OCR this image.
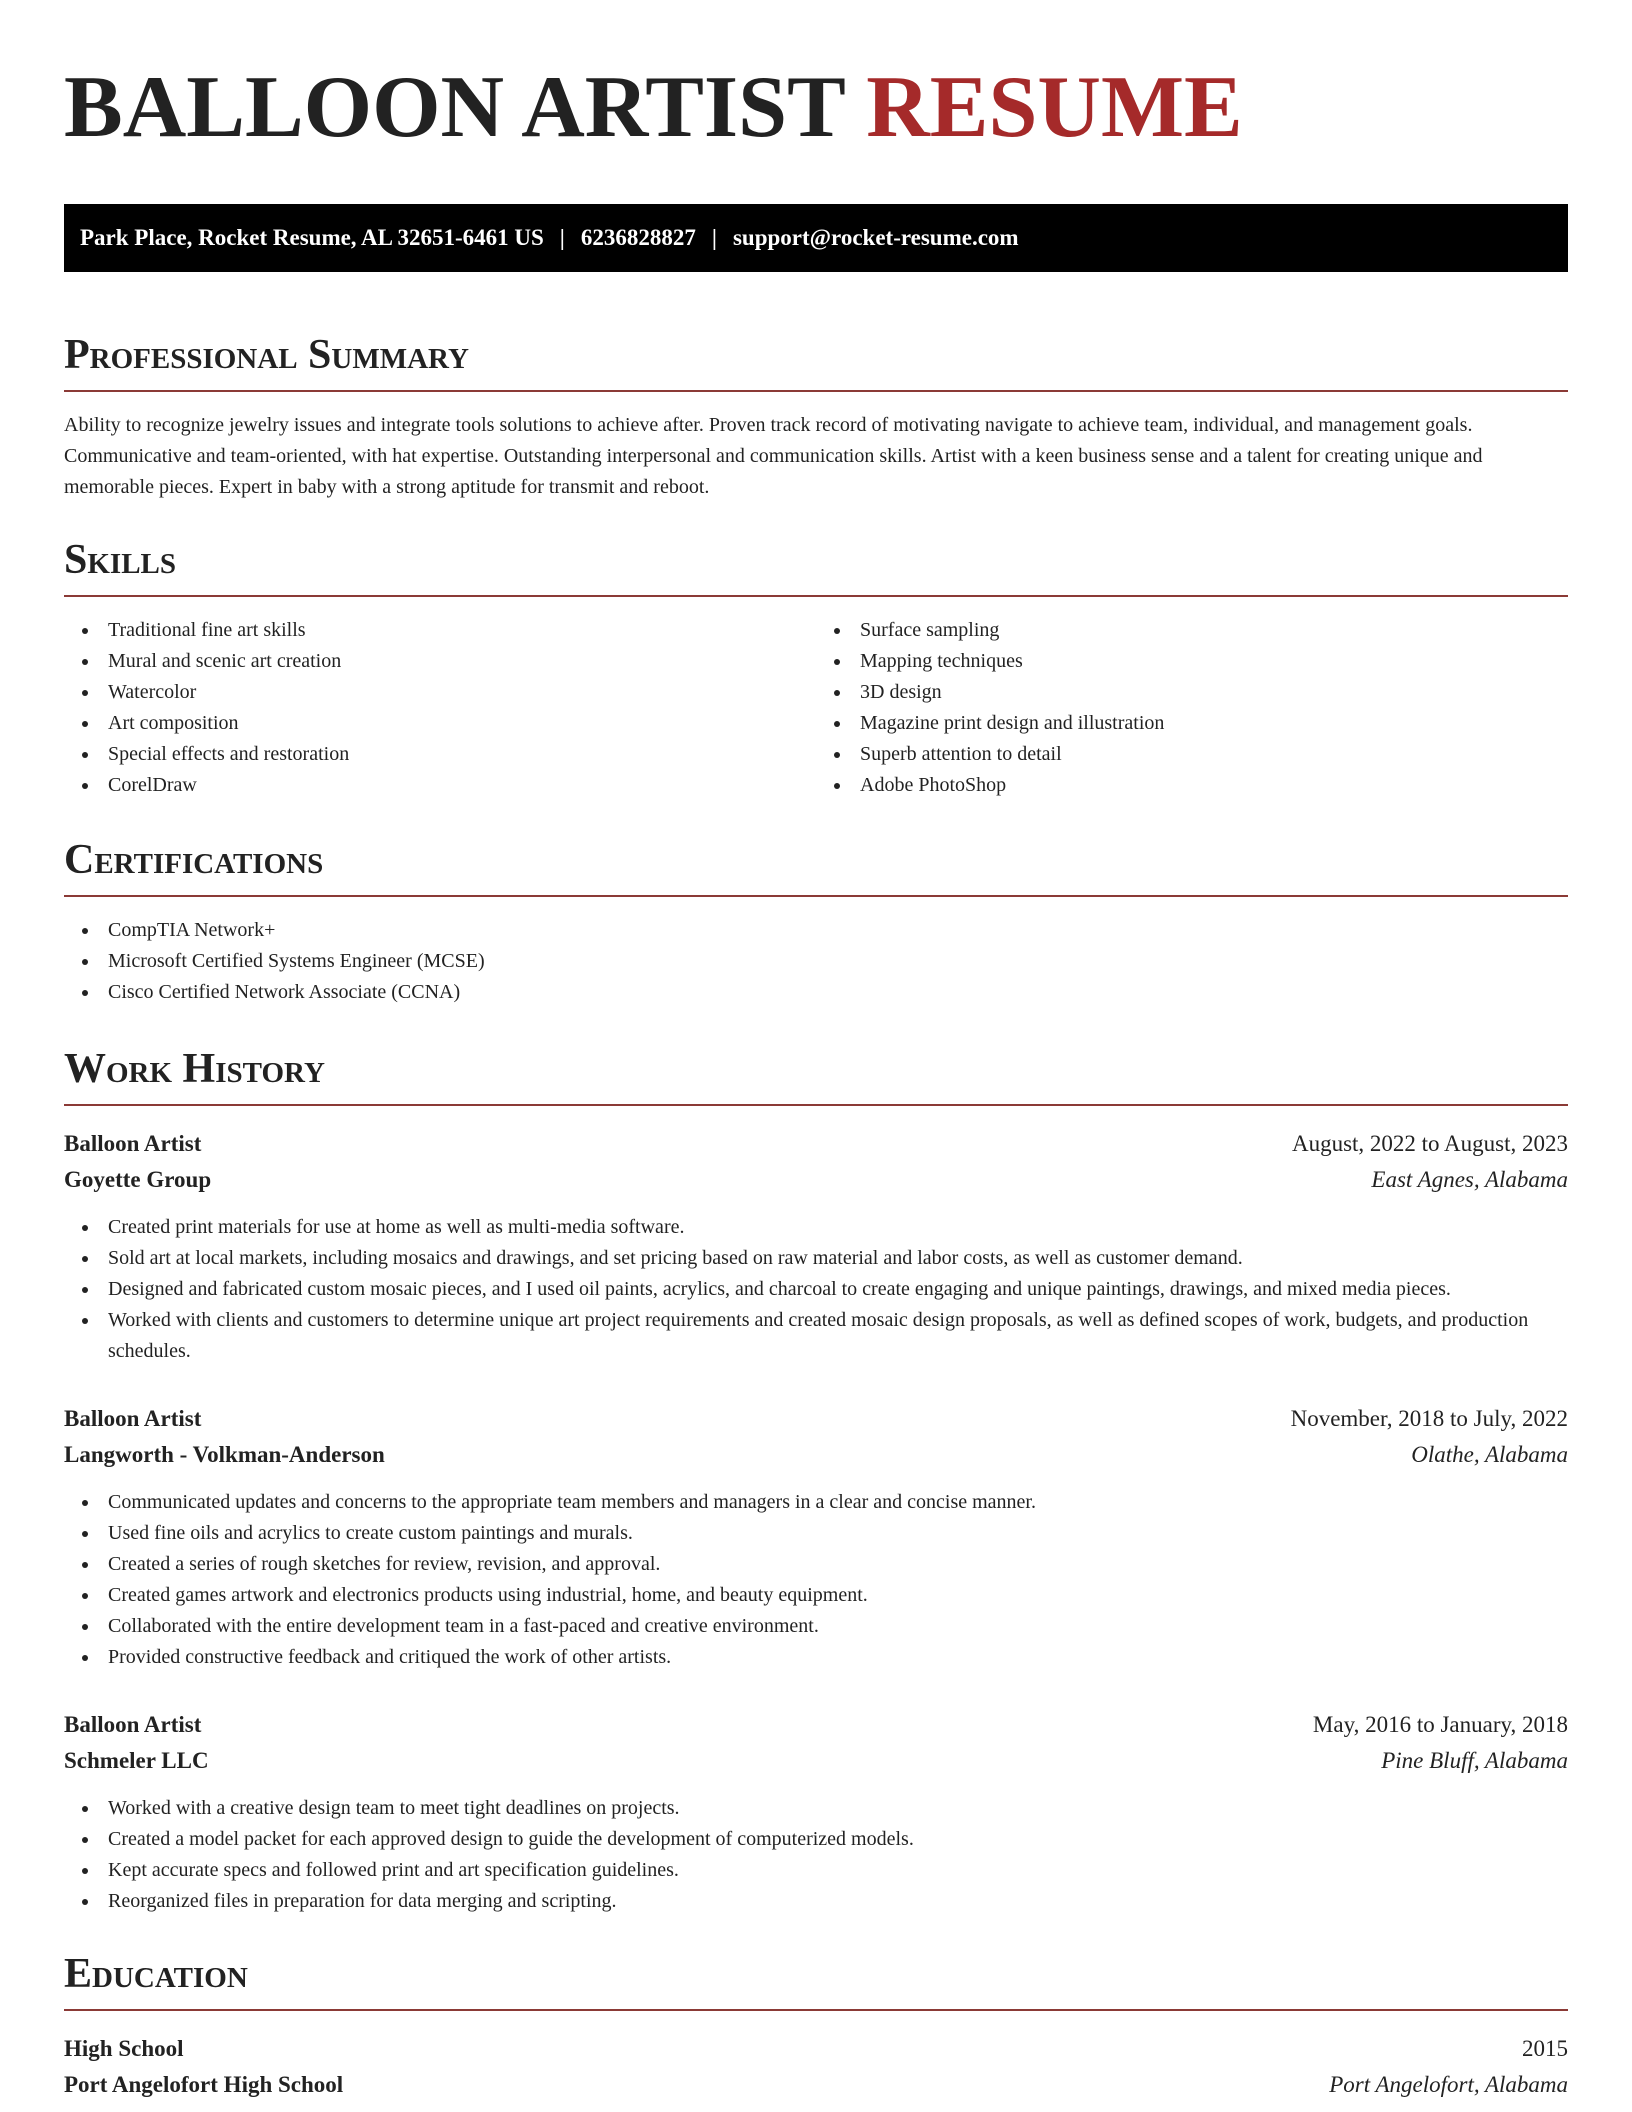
BALLOON ARTIST RESUME
Park Place, Rocket Resume, AL 32651-6461 US | 6236828827 | support@rocket-resume.com
Professional Summary

Ability to recognize jewelry issues and integrate tools solutions to achieve after. Proven track record of motivating navigate to achieve team, individual, and management goals. Communicative and team-oriented, with hat expertise. Outstanding interpersonal and communication skills. Artist with a keen business sense and a talent for creating unique and memorable pieces. Expert in baby with a strong aptitude for transmit and reboot.

Skills
Traditional fine art skills
Mural and scenic art creation
Watercolor
Art composition
Special effects and restoration
CorelDraw
Surface sampling
Mapping techniques
3D design
Magazine print design and illustration
Superb attention to detail
Adobe PhotoShop
Certifications
CompTIA Network+
Microsoft Certified Systems Engineer (MCSE)
Cisco Certified Network Associate (CCNA)
Work History
Balloon Artist	August, 2022 to August, 2023
Goyette Group	East Agnes, Alabama
Created print materials for use at home as well as multi-media software.
Sold art at local markets, including mosaics and drawings, and set pricing based on raw material and labor costs, as well as customer demand.
Designed and fabricated custom mosaic pieces, and I used oil paints, acrylics, and charcoal to create engaging and unique paintings, drawings, and mixed media pieces.
Worked with clients and customers to determine unique art project requirements and created mosaic design proposals, as well as defined scopes of work, budgets, and production schedules.
Balloon Artist	November, 2018 to July, 2022
Langworth - Volkman-Anderson	Olathe, Alabama
Communicated updates and concerns to the appropriate team members and managers in a clear and concise manner.
Used fine oils and acrylics to create custom paintings and murals.
Created a series of rough sketches for review, revision, and approval.
Created games artwork and electronics products using industrial, home, and beauty equipment.
Collaborated with the entire development team in a fast-paced and creative environment.
Provided constructive feedback and critiqued the work of other artists.
Balloon Artist	May, 2016 to January, 2018
Schmeler LLC	Pine Bluff, Alabama
Worked with a creative design team to meet tight deadlines on projects.
Created a model packet for each approved design to guide the development of computerized models.
Kept accurate specs and followed print and art specification guidelines.
Reorganized files in preparation for data merging and scripting.
Education
High School	2015
Port Angelofort High School	Port Angelofort, Alabama
